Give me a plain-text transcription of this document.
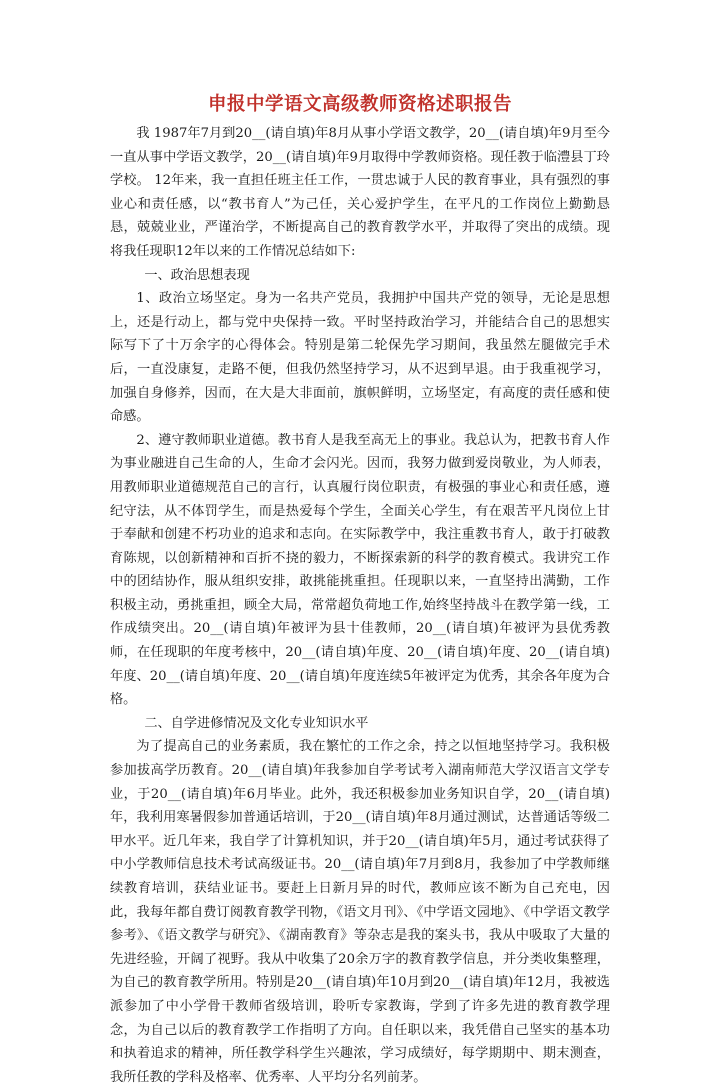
申报中学语文高级教师资格述职报告

我 1987年7月到20__(请自填)年8月从事小学语文教学，20__(请自填)年9月至今一直从事中学语文教学，20__(请自填)年9月取得中学教师资格。现任教于临澧县丁玲学校。 12年来，我一直担任班主任工作，一贯忠诚于人民的教育事业，具有强烈的事业心和责任感，以“教书育人”为己任，关心爱护学生，在平凡的工作岗位上勤勤恳恳，兢兢业业，严谨治学，不断提高自己的教育教学水平，并取得了突出的成绩。现将我任现职12年以来的工作情况总结如下:

一、政治思想表现

1、政治立场坚定。身为一名共产党员，我拥护中国共产党的领导，无论是思想上，还是行动上，都与党中央保持一致。平时坚持政治学习，并能结合自己的思想实际写下了十万余字的心得体会。特别是第二轮保先学习期间，我虽然左腿做完手术后，一直没康复，走路不便，但我仍然坚持学习，从不迟到早退。由于我重视学习，加强自身修养，因而，在大是大非面前，旗帜鲜明，立场坚定，有高度的责任感和使命感。

2、遵守教师职业道德。教书育人是我至高无上的事业。我总认为，把教书育人作为事业融进自己生命的人，生命才会闪光。因而，我努力做到爱岗敬业，为人师表，用教师职业道德规范自己的言行，认真履行岗位职责，有极强的事业心和责任感，遵纪守法，从不体罚学生，而是热爱每个学生，全面关心学生，有在艰苦平凡岗位上甘于奉献和创建不朽功业的追求和志向。在实际教学中，我注重教书育人，敢于打破教育陈规，以创新精神和百折不挠的毅力，不断探索新的科学的教育模式。我讲究工作中的团结协作，服从组织安排，敢挑能挑重担。任现职以来，一直坚持出满勤，工作积极主动，勇挑重担，顾全大局，常常超负荷地工作,始终坚持战斗在教学第一线，工作成绩突出。20__(请自填)年被评为县十佳教师，20__(请自填)年被评为县优秀教师，在任现职的年度考核中，20__(请自填)年度、20__(请自填)年度、20__(请自填)年度、20__(请自填)年度、20__(请自填)年度连续5年被评定为优秀，其余各年度为合格。

二、自学进修情况及文化专业知识水平

为了提高自己的业务素质，我在繁忙的工作之余，持之以恒地坚持学习。我积极参加拔高学历教育。20__(请自填)年我参加自学考试考入湖南师范大学汉语言文学专业，于20__(请自填)年6月毕业。此外，我还积极参加业务知识自学，20__(请自填)年，我利用寒暑假参加普通话培训，于20__(请自填)年8月通过测试，达普通话等级二甲水平。近几年来，我自学了计算机知识，并于20__(请自填)年5月，通过考试获得了中小学教师信息技术考试高级证书。20__(请自填)年7月到8月，我参加了中学教师继续教育培训，获结业证书。要赶上日新月异的时代，教师应该不断为自己充电，因此，我每年都自费订阅教育教学刊物，《语文月刊》、《中学语文园地》、《中学语文教学参考》、《语文教学与研究》、《湖南教育》等杂志是我的案头书，我从中吸取了大量的先进经验，开阔了视野。我从中收集了20余万字的教育教学信息，并分类收集整理，为自己的教育教学所用。特别是20__(请自填)年10月到20__(请自填)年12月，我被选派参加了中小学骨干教师省级培训，聆听专家教诲，学到了许多先进的教育教学理念，为自己以后的教育教学工作指明了方向。自任职以来，我凭借自己坚实的基本功和执着追求的精神，所任教学科学生兴趣浓，学习成绩好，每学期期中、期末测查，我所任教的学科及格率、优秀率、人平均分名列前茅。
